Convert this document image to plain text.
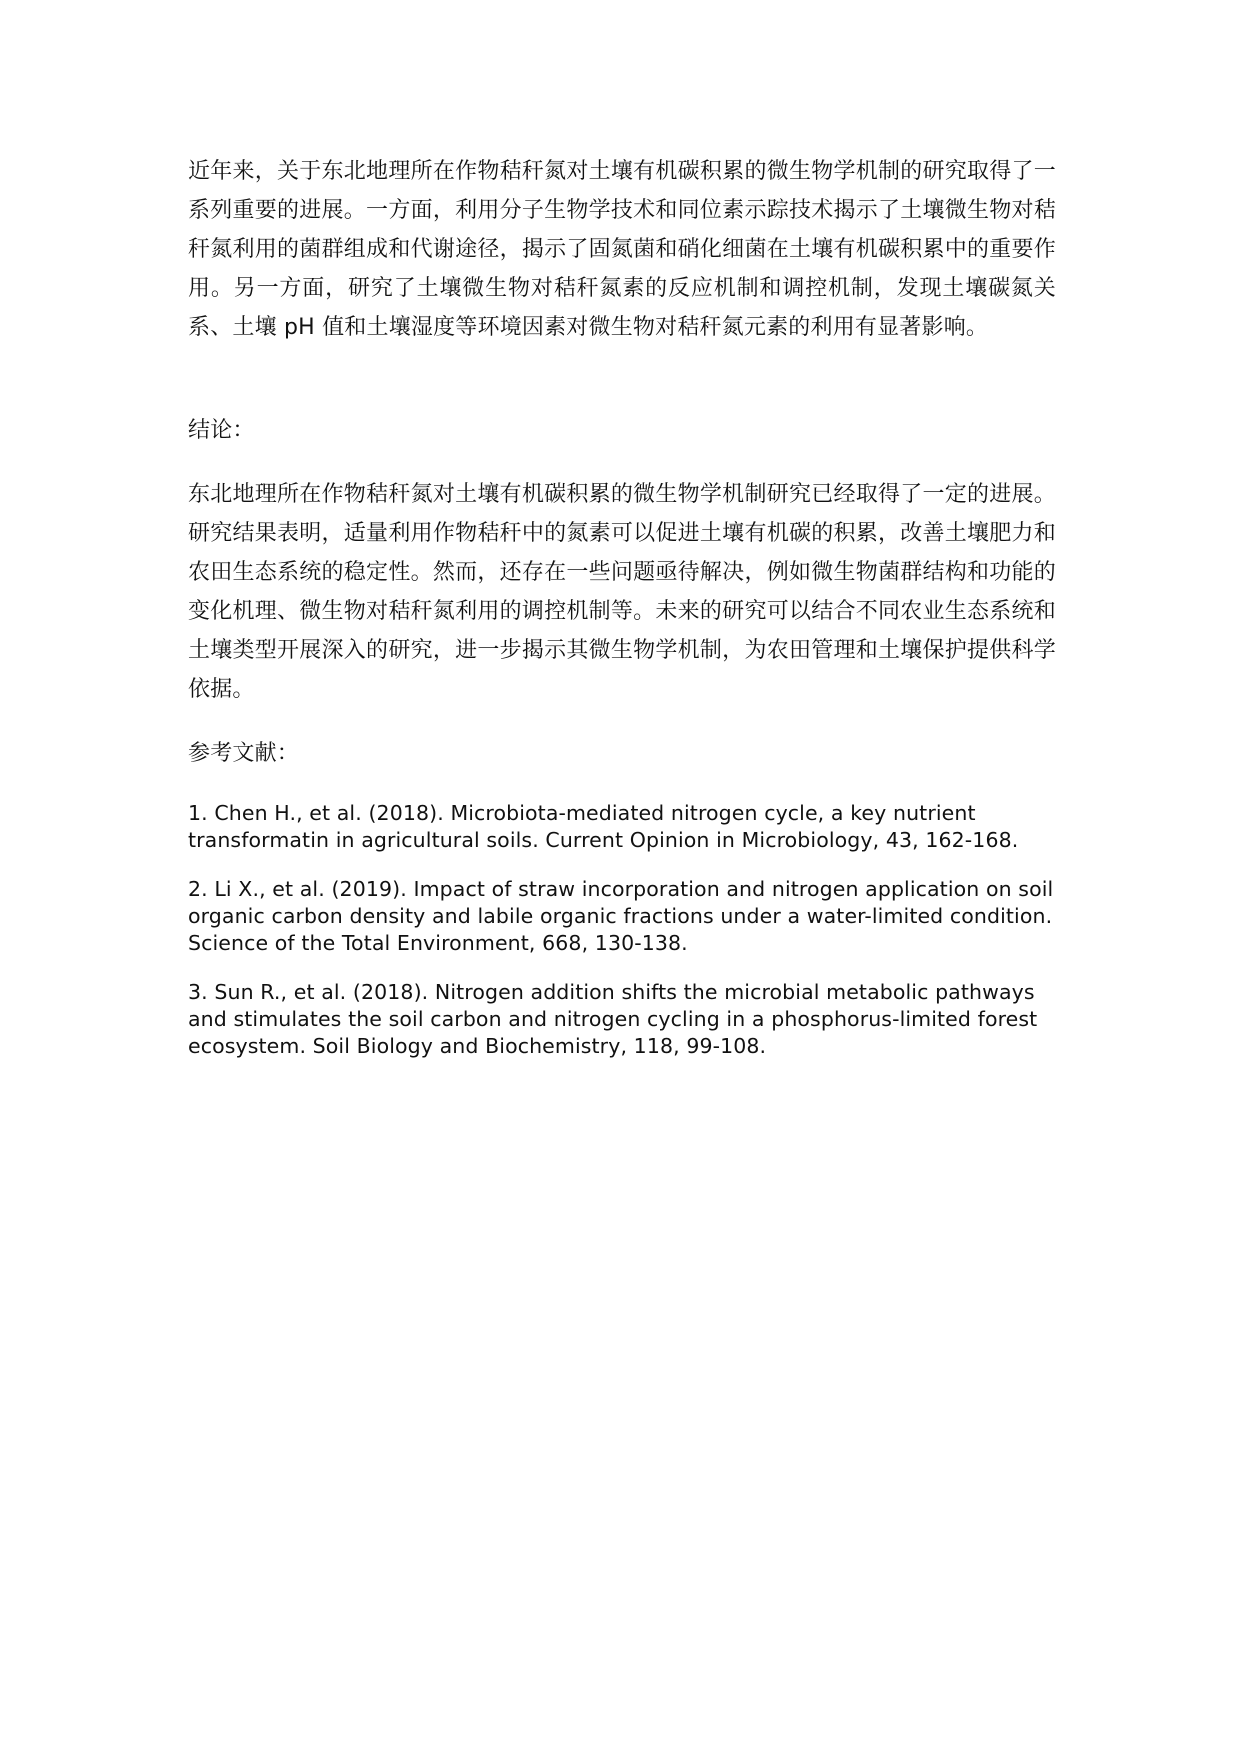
近年来，关于东北地理所在作物秸秆氮对土壤有机碳积累的微生物学机制的研究取得了一系列重要的进展。一方面，利用分子生物学技术和同位素示踪技术揭示了土壤微生物对秸秆氮利用的菌群组成和代谢途径，揭示了固氮菌和硝化细菌在土壤有机碳积累中的重要作用。另一方面，研究了土壤微生物对秸秆氮素的反应机制和调控机制，发现土壤碳氮关系、土壤 pH 值和土壤湿度等环境因素对微生物对秸秆氮元素的利用有显著影响。

结论：

东北地理所在作物秸秆氮对土壤有机碳积累的微生物学机制研究已经取得了一定的进展。研究结果表明，适量利用作物秸秆中的氮素可以促进土壤有机碳的积累，改善土壤肥力和农田生态系统的稳定性。然而，还存在一些问题亟待解决，例如微生物菌群结构和功能的变化机理、微生物对秸秆氮利用的调控机制等。未来的研究可以结合不同农业生态系统和土壤类型开展深入的研究，进一步揭示其微生物学机制，为农田管理和土壤保护提供科学依据。

参考文献：

1. Chen H., et al. (2018). Microbiota-mediated nitrogen cycle, a key nutrient transformatin in agricultural soils. Current Opinion in Microbiology, 43, 162-168.

2. Li X., et al. (2019). Impact of straw incorporation and nitrogen application on soil organic carbon density and labile organic fractions under a water-limited condition. Science of the Total Environment, 668, 130-138.

3. Sun R., et al. (2018). Nitrogen addition shifts the microbial metabolic pathways and stimulates the soil carbon and nitrogen cycling in a phosphorus-limited forest ecosystem. Soil Biology and Biochemistry, 118, 99-108.
